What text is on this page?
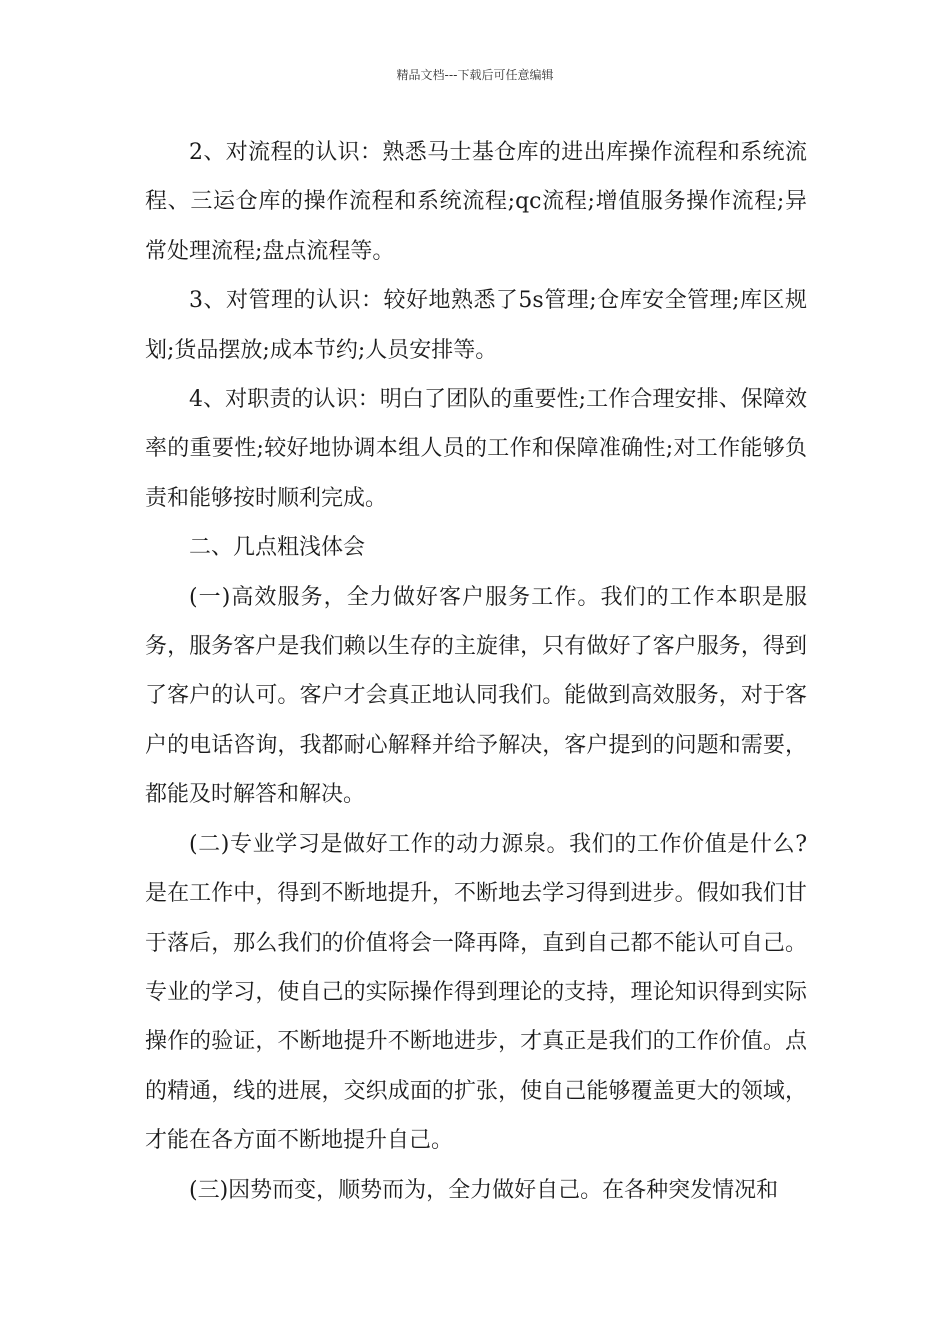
精品文档---下载后可任意编辑

2、对流程的认识：熟悉马士基仓库的进出库操作流程和系统流程、三运仓库的操作流程和系统流程;qc流程;增值服务操作流程;异常处理流程;盘点流程等。

3、对管理的认识：较好地熟悉了5s管理;仓库安全管理;库区规划;货品摆放;成本节约;人员安排等。

4、对职责的认识：明白了团队的重要性;工作合理安排、保障效率的重要性;较好地协调本组人员的工作和保障准确性;对工作能够负责和能够按时顺利完成。

二、几点粗浅体会

(一)高效服务，全力做好客户服务工作。我们的工作本职是服务，服务客户是我们赖以生存的主旋律，只有做好了客户服务，得到了客户的认可。客户才会真正地认同我们。能做到高效服务，对于客户的电话咨询，我都耐心解释并给予解决，客户提到的问题和需要，都能及时解答和解决。

(二)专业学习是做好工作的动力源泉。我们的工作价值是什么?是在工作中，得到不断地提升，不断地去学习得到进步。假如我们甘于落后，那么我们的价值将会一降再降，直到自己都不能认可自己。专业的学习，使自己的实际操作得到理论的支持，理论知识得到实际操作的验证，不断地提升不断地进步，才真正是我们的工作价值。点的精通，线的进展，交织成面的扩张，使自己能够覆盖更大的领域，才能在各方面不断地提升自己。

(三)因势而变，顺势而为，全力做好自己。在各种突发情况和
